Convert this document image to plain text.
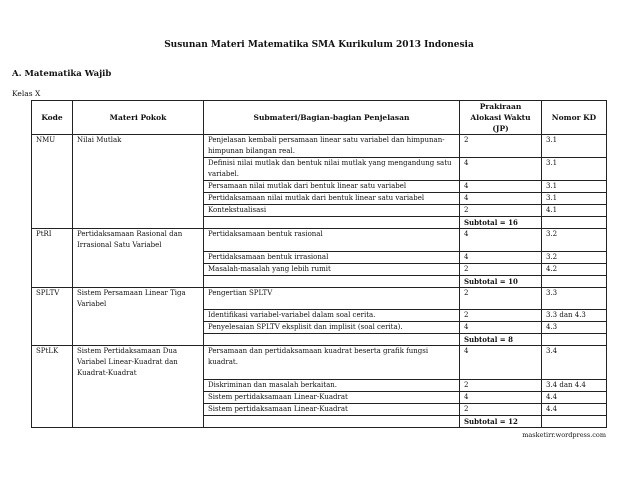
Susunan Materi Matematika SMA Kurikulum 2013 Indonesia
A. Matematika Wajib
Kelas X
Kode	Materi Pokok	Submateri/Bagian-bagian Penjelasan	Prakiraan Alokasi Waktu (JP)	Nomor KD
NMU	Nilai Mutlak	Penjelasan kembali persamaan linear satu variabel dan himpunan-himpunan bilangan real.	2	3.1
		Definisi nilai mutlak dan bentuk nilai mutlak yang mengandung satu variabel.	4	3.1
		Persamaan nilai mutlak dari bentuk linear satu variabel	4	3.1
		Pertidaksamaan nilai mutlak dari bentuk linear satu variabel	4	3.1
		Kontekstualisasi	2	4.1
			Subtotal = 16	
PtRI	Pertidaksamaan Rasional dan Irrasional Satu Variabel	Pertidaksamaan bentuk rasional	4	3.2
		Pertidaksamaan bentuk irrasional	4	3.2
		Masalah-masalah yang lebih rumit	2	4.2
			Subtotal = 10	
SPLTV	Sistem Persamaan Linear Tiga Variabel	Pengertian SPLTV	2	3.3
		Identifikasi variabel-variabel dalam soal cerita.	2	3.3 dan 4.3
		Penyelesaian SPLTV eksplisit dan implisit (soal cerita).	4	4.3
			Subtotal = 8	
SPtLK	Sistem Pertidaksamaan Dua Variabel Linear-Kuadrat dan Kuadrat-Kuadrat	Persamaan dan pertidaksamaan kuadrat beserta grafik fungsi kuadrat.	4	3.4
		Diskriminan dan masalah berkaitan.	2	3.4 dan 4.4
		Sistem pertidaksamaan Linear-Kuadrat	4	4.4
		Sistem pertidaksamaan Linear-Kuadrat	2	4.4
			Subtotal = 12	
masketirr.wordpress.com
